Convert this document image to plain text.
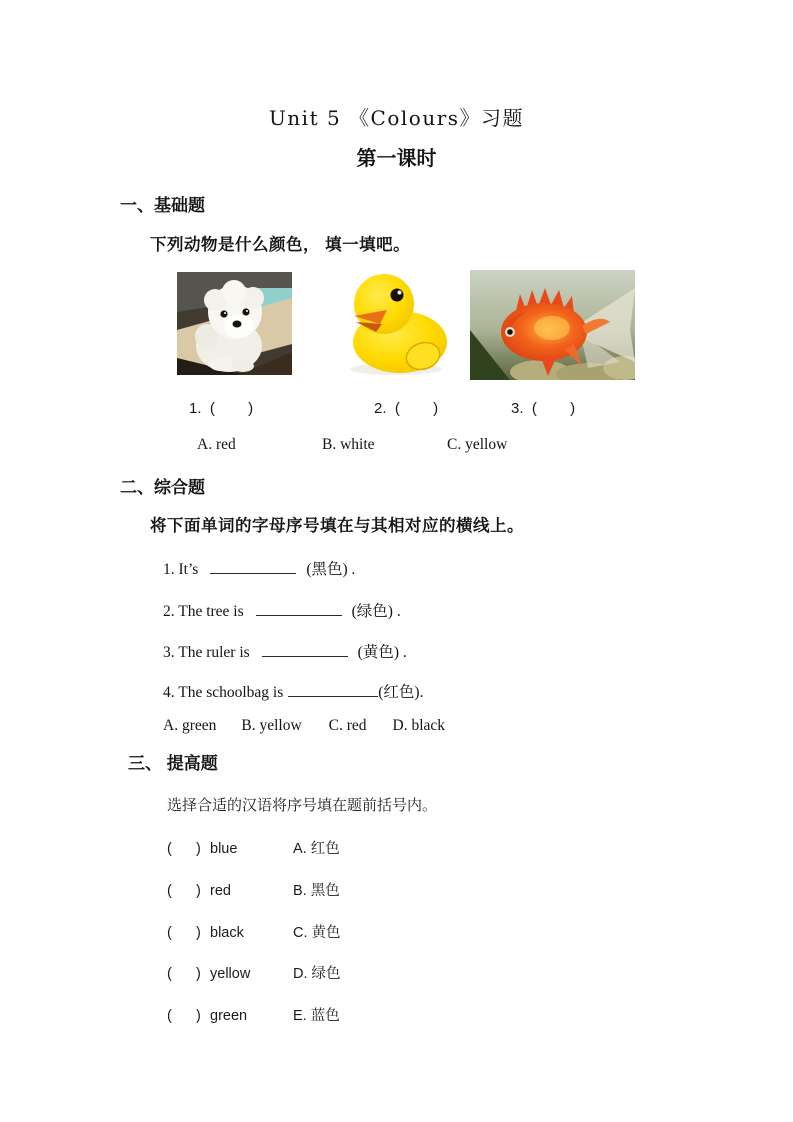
Unit 5 《Colours》习题
第一课时
一、基础题
下列动物是什么颜色， 填一填吧。
1.  (        )	2.  (        )	3.  (        )
A. red	B. white	C. yellow
二、综合题
将下面单词的字母序号填在与其相对应的横线上。
1. It’s	(黑色) .
2. The tree is	(绿色) .
3. The ruler is	(黄色) .
4. The schoolbag is	(红色).
A. green B. yellow C. red D. black
三、 提高题
选择合适的汉语将序号填在题前括号内。
(      ) blue	A. 红色
(      ) red	B. 黑色
(      ) black	C. 黄色
(      ) yellow	D. 绿色
(      ) green	E. 蓝色
